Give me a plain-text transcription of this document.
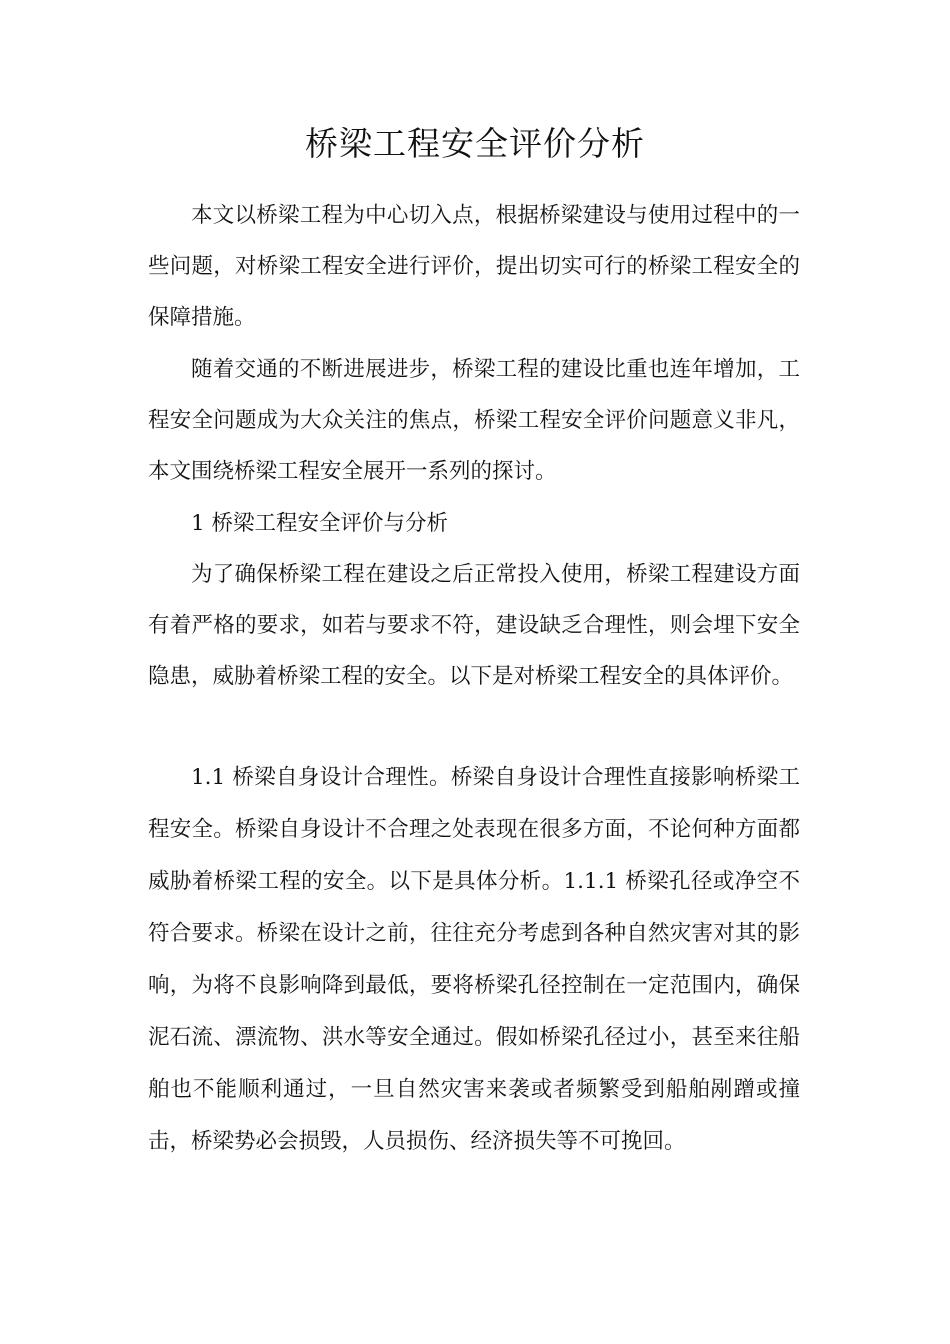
桥梁工程安全评价分析

本文以桥梁工程为中心切入点，根据桥梁建设与使用过程中的一些问题，对桥梁工程安全进行评价，提出切实可行的桥梁工程安全的保障措施。

随着交通的不断进展进步，桥梁工程的建设比重也连年增加，工程安全问题成为大众关注的焦点，桥梁工程安全评价问题意义非凡，本文围绕桥梁工程安全展开一系列的探讨。

1 桥梁工程安全评价与分析

为了确保桥梁工程在建设之后正常投入使用，桥梁工程建设方面有着严格的要求，如若与要求不符，建设缺乏合理性，则会埋下安全隐患，威胁着桥梁工程的安全。以下是对桥梁工程安全的具体评价。

1.1 桥梁自身设计合理性。桥梁自身设计合理性直接影响桥梁工程安全。桥梁自身设计不合理之处表现在很多方面，不论何种方面都威胁着桥梁工程的安全。以下是具体分析。1.1.1 桥梁孔径或净空不符合要求。桥梁在设计之前，往往充分考虑到各种自然灾害对其的影响，为将不良影响降到最低，要将桥梁孔径控制在一定范围内，确保泥石流、漂流物、洪水等安全通过。假如桥梁孔径过小，甚至来往船舶也不能顺利通过，一旦自然灾害来袭或者频繁受到船舶剐蹭或撞击，桥梁势必会损毁，人员损伤、经济损失等不可挽回。
